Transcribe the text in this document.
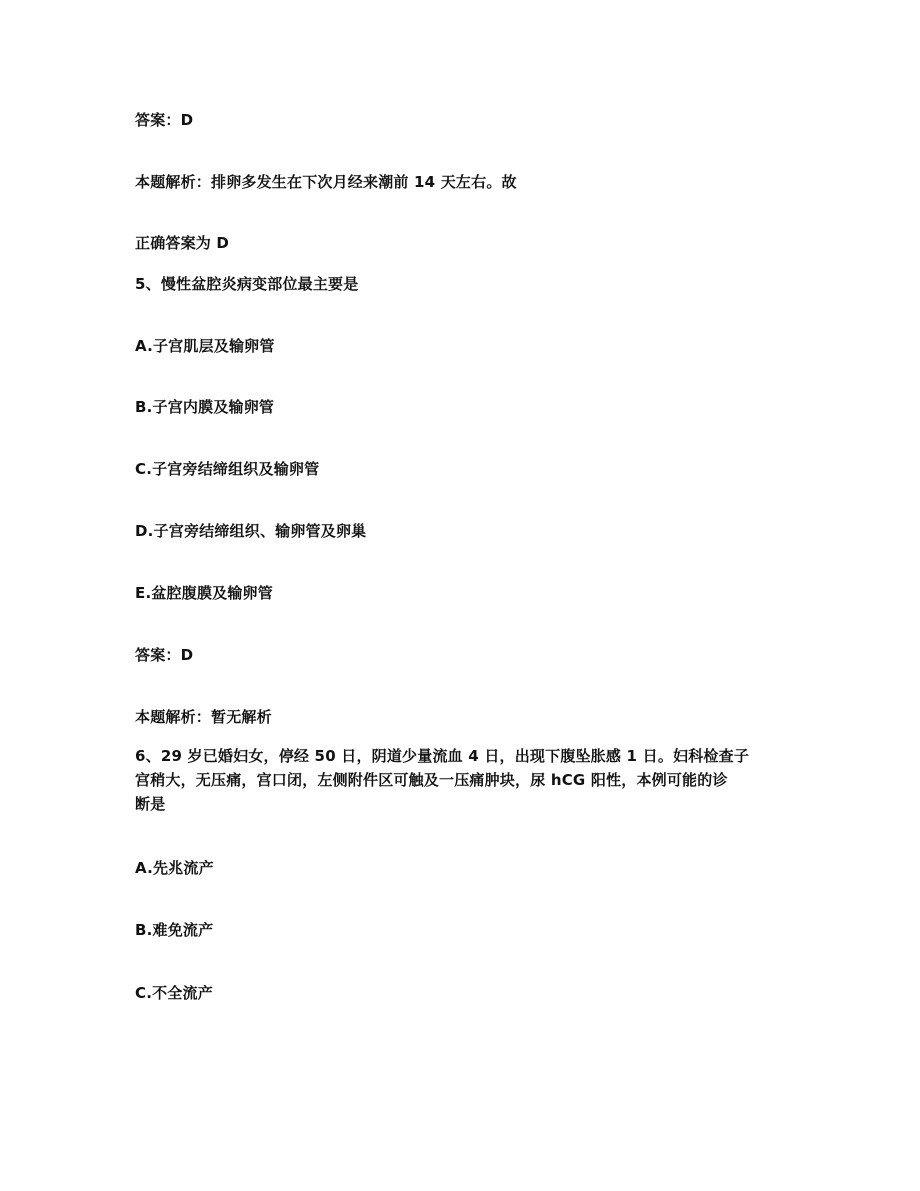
答案：D
本题解析：排卵多发生在下次月经来潮前 14 天左右。故
正确答案为 D
5、慢性盆腔炎病变部位最主要是
A.子宫肌层及输卵管
B.子宫内膜及输卵管
C.子宫旁结缔组织及输卵管
D.子宫旁结缔组织、输卵管及卵巢
E.盆腔腹膜及输卵管
答案：D
本题解析：暂无解析
6、29 岁已婚妇女，停经 50 日，阴道少量流血 4 日，出现下腹坠胀感 1 日。妇科检查子
宫稍大，无压痛，宫口闭，左侧附件区可触及一压痛肿块，尿 hCG 阳性，本例可能的诊
断是
A.先兆流产
B.难免流产
C.不全流产
